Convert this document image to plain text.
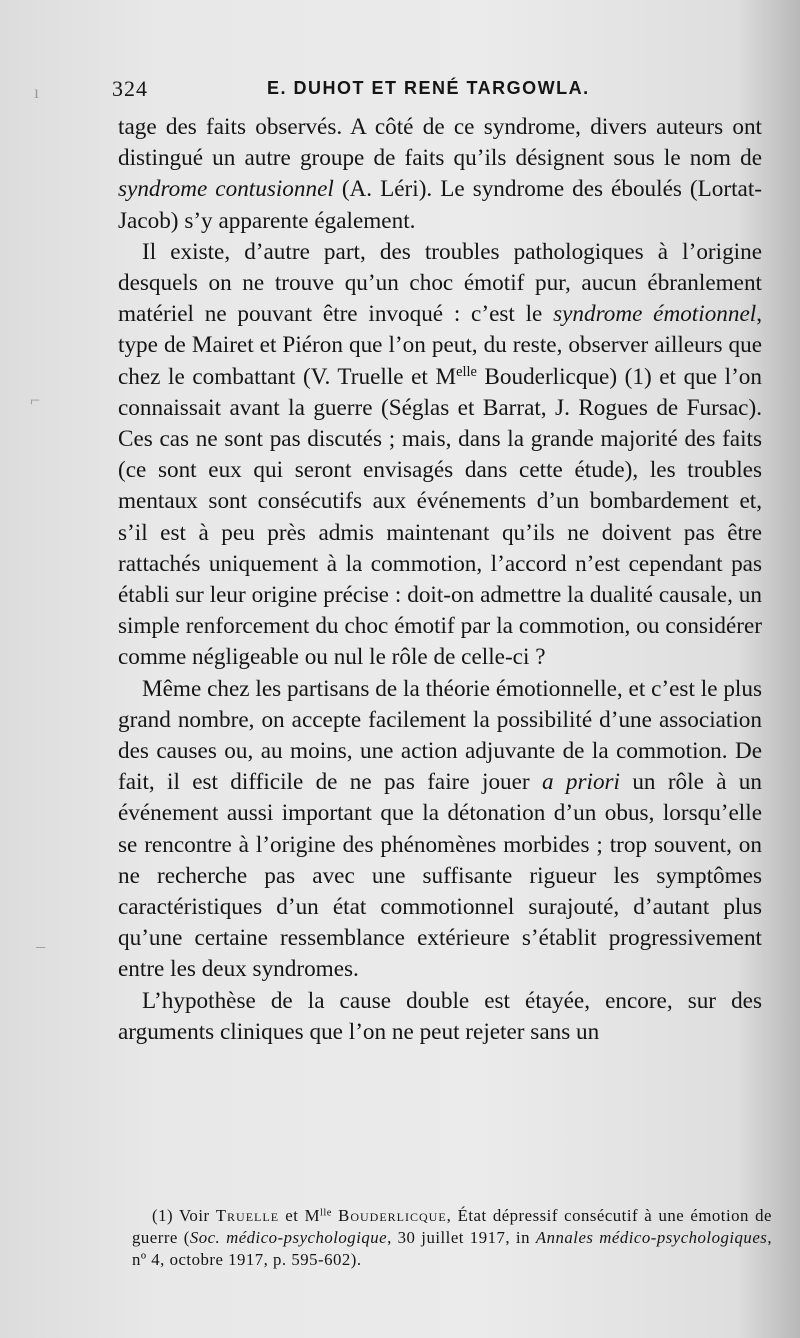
ı
⌐
–
324	E. DUHOT ET RENÉ TARGOWLA.

tage des faits observés. A côté de ce syndrome, divers auteurs ont distingué un autre groupe de faits qu’ils désignent sous le nom de syndrome contusionnel (A. Léri). Le syndrome des éboulés (Lortat-Jacob) s’y apparente également.

Il existe, d’autre part, des troubles pathologiques à l’origine desquels on ne trouve qu’un choc émotif pur, aucun ébranlement matériel ne pouvant être invoqué : c’est le syndrome émotionnel, type de Mairet et Piéron que l’on peut, du reste, observer ailleurs que chez le combattant (V. Truelle et $M^{elle}$ Bouderlicque) (1) et que l’on connaissait avant la guerre (Séglas et Barrat, J. Rogues de Fursac). Ces cas ne sont pas discutés ; mais, dans la grande majorité des faits (ce sont eux qui seront envisagés dans cette étude), les troubles mentaux sont consécutifs aux événements d’un bombardement et, s’il est à peu près admis maintenant qu’ils ne doivent pas être rattachés uniquement à la commotion, l’accord n’est cependant pas établi sur leur origine précise : doit-on admettre la dualité causale, un simple renforcement du choc émotif par la commotion, ou considérer comme négligeable ou nul le rôle de celle-ci ?

Même chez les partisans de la théorie émotionnelle, et c’est le plus grand nombre, on accepte facilement la possibilité d’une association des causes ou, au moins, une action adjuvante de la commotion. De fait, il est difficile de ne pas faire jouer a priori un rôle à un événement aussi important que la détonation d’un obus, lorsqu’elle se rencontre à l’origine des phénomènes morbides ; trop souvent, on ne recherche pas avec une suffisante rigueur les symptômes caractéristiques d’un état commotionnel surajouté, d’autant plus qu’une certaine ressemblance extérieure s’établit progressivement entre les deux syndromes.

L’hypothèse de la cause double est étayée, encore, sur des arguments cliniques que l’on ne peut rejeter sans un

(1) Voir Truelle et $M^{lle}$ Bouderlicque, État dépressif consécutif à une émotion de guerre (Soc. médico-psychologique, 30 juillet 1917, in Annales médico-psychologiques, nº 4, octobre 1917, p. 595-602).
